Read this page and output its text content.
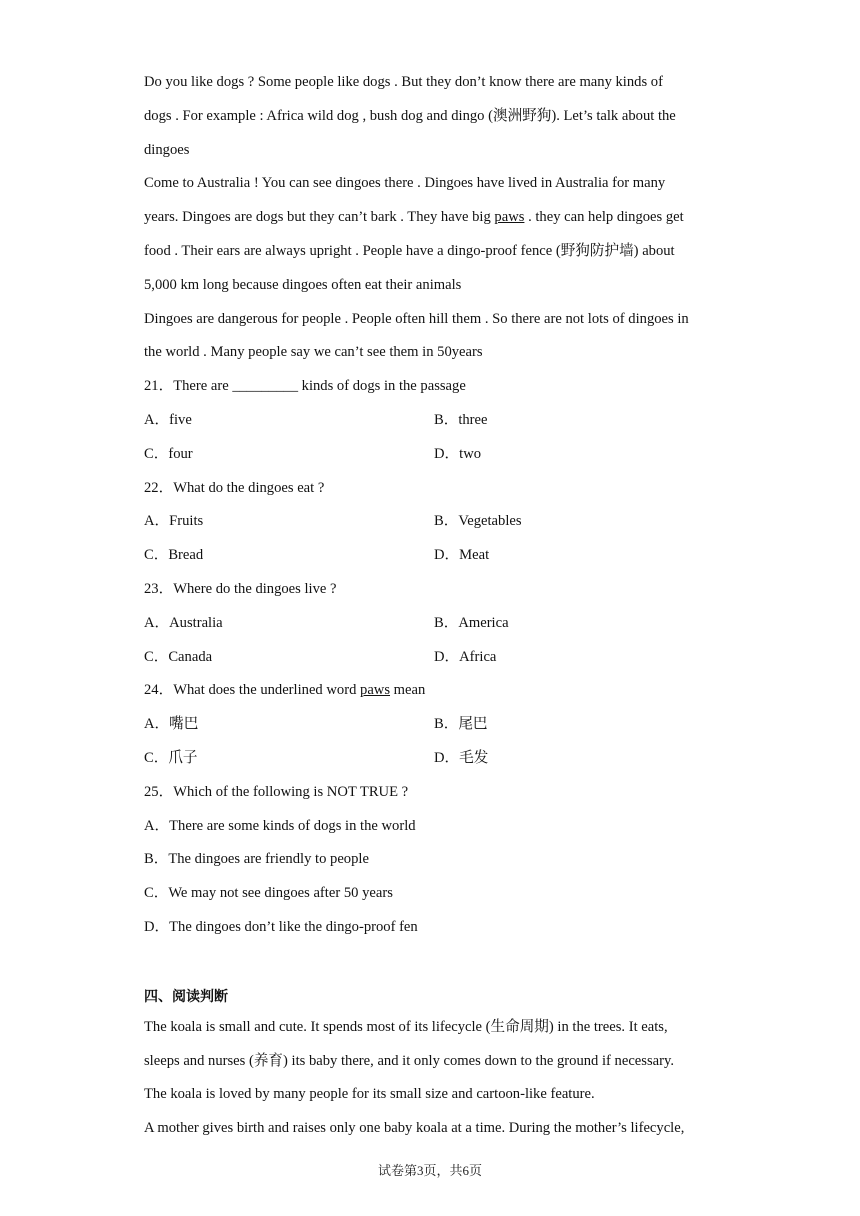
Do you like dogs ? Some people like dogs . But they don’t know there are many kinds of
dogs . For example : Africa wild dog , bush dog and dingo (澳洲野狗). Let’s talk about the
dingoes
Come to Australia ! You can see dingoes there . Dingoes have lived in Australia for many
years. Dingoes are dogs but they can’t bark . They have big paws . they can help dingoes get
food . Their ears are always upright . People have a dingo-proof fence (野狗防护墙) about
5,000 km long because dingoes often eat their animals
Dingoes are dangerous for people . People often hill them . So there are not lots of dingoes in
the world . Many people say we can’t see them in 50years
21．There are _________ kinds of dogs in the passage
A．five	B．three
C．four	D．two
22．What do the dingoes eat ?
A．Fruits	B．Vegetables
C．Bread	D．Meat
23．Where do the dingoes live ?
A．Australia	B．America
C．Canada	D．Africa
24．What does the underlined word paws mean
A．嘴巴	B．尾巴
C．爪子	D．毛发
25．Which of the following is NOT TRUE ?
A．There are some kinds of dogs in the world
B．The dingoes are friendly to people
C．We may not see dingoes after 50 years
D．The dingoes don’t like the dingo-proof fen
四、阅读判断
The koala is small and cute. It spends most of its lifecycle (生命周期) in the trees. It eats,
sleeps and nurses (养育) its baby there, and it only comes down to the ground if necessary.
The koala is loved by many people for its small size and cartoon-like feature.
A mother gives birth and raises only one baby koala at a time. During the mother’s lifecycle,
试卷第3页，共6页
